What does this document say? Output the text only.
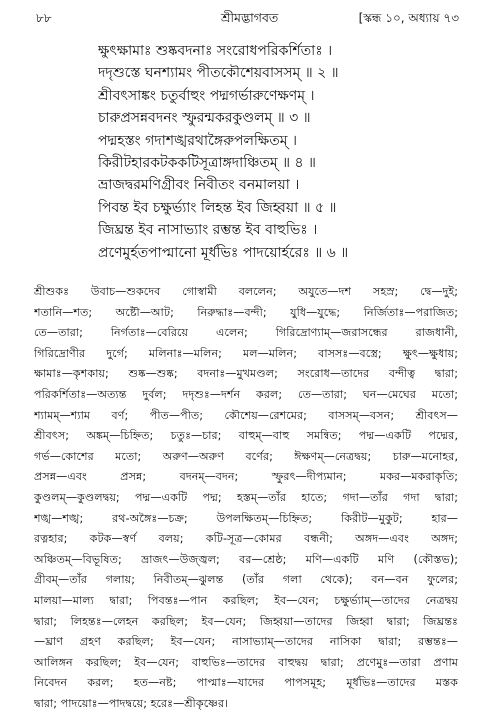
৮৮	শ্রীমদ্ভাগবত	[স্কন্ধ ১০, অধ্যায় ৭৩
ক্ষুৎক্ষামাঃ শুষ্কবদনাঃ সংরোধপরিকর্শিতাঃ ।
দদৃশুস্তে ঘনশ্যামং পীতকৌশেয়বাসসম্ ॥ ২ ॥
শ্রীবৎসাঙ্কং চতুর্বাহুং পদ্মগর্ভারুণেক্ষণম্ ।
চারুপ্রসন্নবদনং স্ফুরন্মকরকুণ্ডলম্ ॥ ৩ ॥
পদ্মহস্তং গদাশঙ্খরথাঙ্গৈরুপলক্ষিতম্ ।
কিরীটহারকটককটিসূত্রাঙ্গদাঞ্চিতম্ ॥ ৪ ॥
ভ্রাজদ্বরমণিগ্রীবং নিবীতং বনমালয়া ।
পিবন্ত ইব চক্ষুর্ভ্যাং লিহন্ত ইব জিহ্বয়া ॥ ৫ ॥
জিঘ্রন্ত ইব নাসাভ্যাং রম্ভন্ত ইব বাহুভিঃ ।
প্রণেমুর্হতপাপ্মানো মূর্ধভিঃ পাদয়োর্হরেঃ ॥ ৬ ॥
শ্রীশুকঃ উবাচ—শুকদেব গোস্বামী বললেন; অযুতে—দশ সহস্র; দ্বে—দুই;
শতানি—শত; অষ্টৌ—আট; নিরুদ্ধাঃ—বন্দী; যুধি—যুদ্ধে; নির্জিতাঃ—পরাজিত;
তে—তারা; নির্গতাঃ—বেরিয়ে এলেন; গিরিদ্রোণ্যাম্—জরাসন্ধের রাজধানী,
গিরিদ্রোণীর দুর্গে; মলিনাঃ—মলিন; মল—মলিন; বাসসঃ—বস্ত্রে; ক্ষুৎ—ক্ষুধায়;
ক্ষামাঃ—কৃশকায়; শুষ্ক—শুষ্ক; বদনাঃ—মুখমণ্ডল; সংরোধ—তাদের বন্দীত্ব দ্বারা;
পরিকর্শিতাঃ—অত্যন্ত দুর্বল; দদৃশুঃ—দর্শন করল; তে—তারা; ঘন—মেঘের মতো;
শ্যামম্—শ্যাম বর্ণ; পীত—পীত; কৌশেয়—রেশমের; বাসসম্—বসন; শ্রীবৎস—
শ্রীবৎস; অঙ্কম্—চিহ্নিত; চতুঃ—চার; বাহুম্—বাহু সমন্বিত; পদ্ম—একটি পদ্মের,
গর্ভ—কোশের মতো; অরুণ—অরুণ বর্ণের; ঈক্ষণম্—নেত্রদ্বয়; চারু—মনোহর,
প্রসন্ন—এবং প্রসন্ন; বদনম্—বদন; স্ফুরৎ—দীপ্যমান; মকর—মকরাকৃতি;
কুণ্ডলম্—কুণ্ডলদ্বয়; পদ্ম—একটি পদ্ম; হস্তম্—তাঁর হাতে; গদা—তাঁর গদা দ্বারা;
শঙ্খ—শঙ্খ; রথ-অঙ্গৈঃ—চক্র; উপলক্ষিতম্—চিহ্নিত; কিরীট—মুকুট; হার—
রত্নহার; কটক—স্বর্ণ বলয়; কটি-সূত্র—কোমর বন্ধনী; অঙ্গদ—এবং অঙ্গদ;
অঞ্চিতম্—বিভূষিত; ভ্রাজৎ—উজ্জ্বল; বর—শ্রেষ্ঠ; মণি—একটি মণি (কৌস্তভ);
গ্রীবম্—তাঁর গলায়; নিবীতম্—ঝুলন্ত (তাঁর গলা থেকে); বন—বন ফুলের;
মালয়া—মাল্য দ্বারা; পিবন্তঃ—পান করছিল; ইব—যেন; চক্ষুর্ভ্যাম্—তাদের নেত্রদ্বয়
দ্বারা; লিহন্তঃ—লেহন করছিল; ইব—যেন; জিহ্বয়া—তাদের জিহ্বা দ্বারা; জিঘ্রন্তঃ
—ঘ্রাণ গ্রহণ করছিল; ইব—যেন; নাসাভ্যাম্—তাদের নাসিকা দ্বারা; রম্ভন্তঃ—
আলিঙ্গন করছিল; ইব—যেন; বাহুভিঃ—তাদের বাহুদ্বয় দ্বারা; প্রণেমুঃ—তারা প্রণাম
নিবেদন করল; হত—নষ্ট; পাপ্মাঃ—যাদের পাপসমূহ; মূর্ধভিঃ—তাদের মস্তক
দ্বারা; পাদয়োঃ—পাদদ্বয়ে; হরেঃ—শ্রীকৃষ্ণের।
